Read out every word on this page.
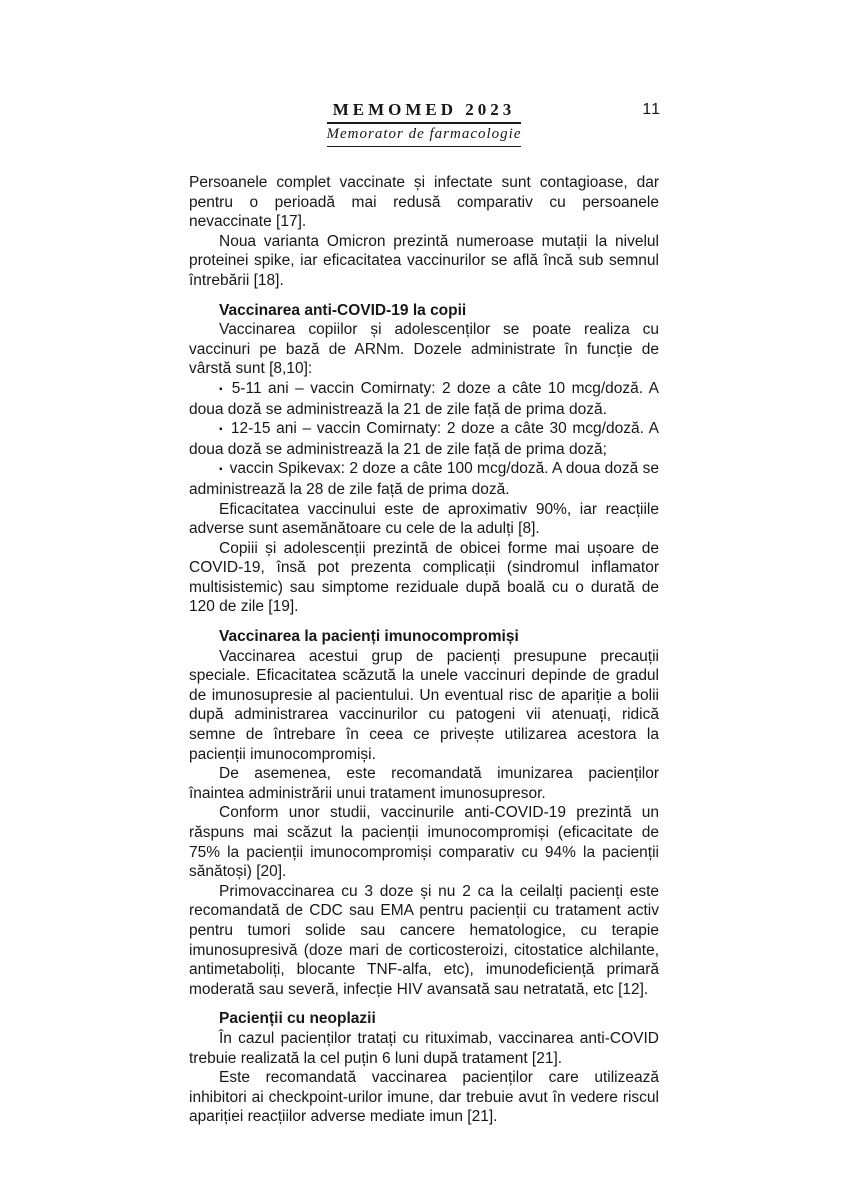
MEMOMED 2023
Memorator de farmacologie
11

Persoanele complet vaccinate și infectate sunt contagioase, dar pentru o perioadă mai redusă comparativ cu persoanele nevaccinate [17].

Noua varianta Omicron prezintă numeroase mutații la nivelul proteinei spike, iar eficacitatea vaccinurilor se află încă sub semnul întrebării [18].

Vaccinarea anti-COVID-19 la copii

Vaccinarea copiilor și adolescenților se poate realiza cu vaccinuri pe bază de ARNm. Dozele administrate în funcție de vârstă sunt [8,10]:

▪ 5-11 ani – vaccin Comirnaty: 2 doze a câte 10 mcg/doză. A doua doză se administrează la 21 de zile față de prima doză.

▪ 12-15 ani – vaccin Comirnaty: 2 doze a câte 30 mcg/doză. A doua doză se administrează la 21 de zile față de prima doză;

▪ vaccin Spikevax: 2 doze a câte 100 mcg/doză. A doua doză se administrează la 28 de zile față de prima doză.

Eficacitatea vaccinului este de aproximativ 90%, iar reacțiile adverse sunt asemănătoare cu cele de la adulți [8].

Copiii și adolescenții prezintă de obicei forme mai ușoare de COVID-19, însă pot prezenta complicații (sindromul inflamator multisistemic) sau simptome reziduale după boală cu o durată de 120 de zile [19].

Vaccinarea la pacienți imunocompromiși

Vaccinarea acestui grup de pacienți presupune precauții speciale. Eficacitatea scăzută la unele vaccinuri depinde de gradul de imunosupresie al pacientului. Un eventual risc de apariție a bolii după administrarea vaccinurilor cu patogeni vii atenuați, ridică semne de întrebare în ceea ce privește utilizarea acestora la pacienții imunocompromiși.

De asemenea, este recomandată imunizarea pacienților înaintea administrării unui tratament imunosupresor.

Conform unor studii, vaccinurile anti-COVID-19 prezintă un răspuns mai scăzut la pacienții imunocompromiși (eficacitate de 75% la pacienții imunocompromiși comparativ cu 94% la pacienții sănătoși) [20].

Primovaccinarea cu 3 doze și nu 2 ca la ceilalți pacienți este recomandată de CDC sau EMA pentru pacienții cu tratament activ pentru tumori solide sau cancere hematologice, cu terapie imunosupresivă (doze mari de corticosteroizi, citostatice alchilante, antimetaboliți, blocante TNF-alfa, etc), imunodeficiență primară moderată sau severă, infecție HIV avansată sau netratată, etc [12].

Pacienții cu neoplazii

În cazul pacienților tratați cu rituximab, vaccinarea anti-COVID trebuie realizată la cel puțin 6 luni după tratament [21].

Este recomandată vaccinarea pacienților care utilizează inhibitori ai checkpoint-urilor imune, dar trebuie avut în vedere riscul apariției reacțiilor adverse mediate imun [21].
